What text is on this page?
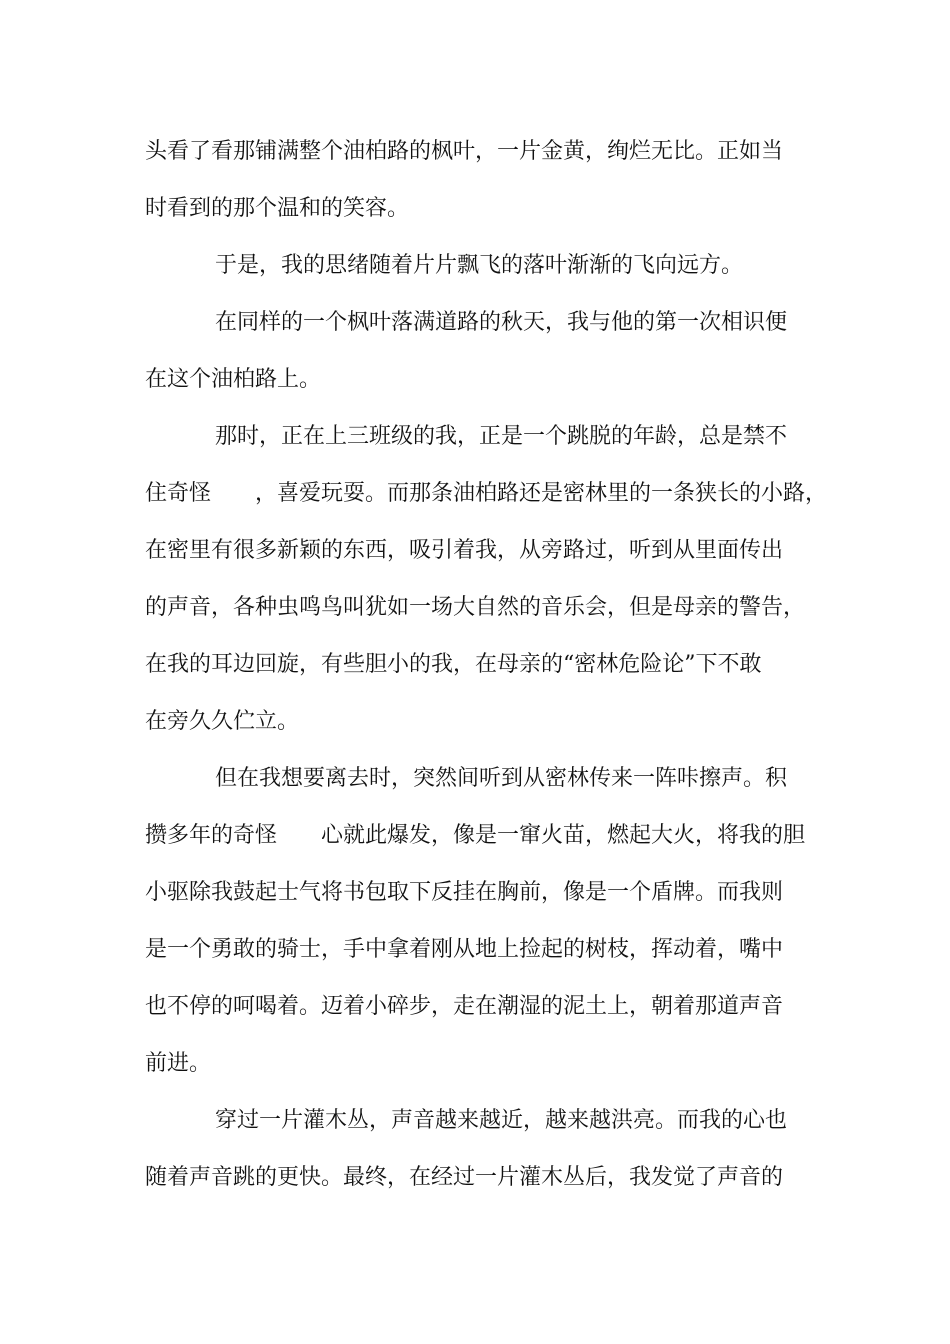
头看了看那铺满整个油柏路的枫叶，一片金黄，绚烂无比。正如当

时看到的那个温和的笑容。

于是，我的思绪随着片片飘飞的落叶渐渐的飞向远方。

在同样的一个枫叶落满道路的秋天，我与他的第一次相识便

在这个油柏路上。

那时，正在上三班级的我，正是一个跳脱的年龄，总是禁不

住奇怪　　，喜爱玩耍。而那条油柏路还是密林里的一条狭长的小路，

在密里有很多新颖的东西，吸引着我，从旁路过，听到从里面传出

的声音，各种虫鸣鸟叫犹如一场大自然的音乐会，但是母亲的警告，

在我的耳边回旋，有些胆小的我，在母亲的“密林危险论”下不敢

在旁久久伫立。

但在我想要离去时，突然间听到从密林传来一阵咔擦声。积

攒多年的奇怪　　心就此爆发，像是一窜火苗，燃起大火，将我的胆

小驱除我鼓起士气将书包取下反挂在胸前，像是一个盾牌。而我则

是一个勇敢的骑士，手中拿着刚从地上捡起的树枝，挥动着，嘴中

也不停的呵喝着。迈着小碎步，走在潮湿的泥土上，朝着那道声音

前进。

穿过一片灌木丛，声音越来越近，越来越洪亮。而我的心也

随着声音跳的更快。最终，在经过一片灌木丛后，我发觉了声音的
